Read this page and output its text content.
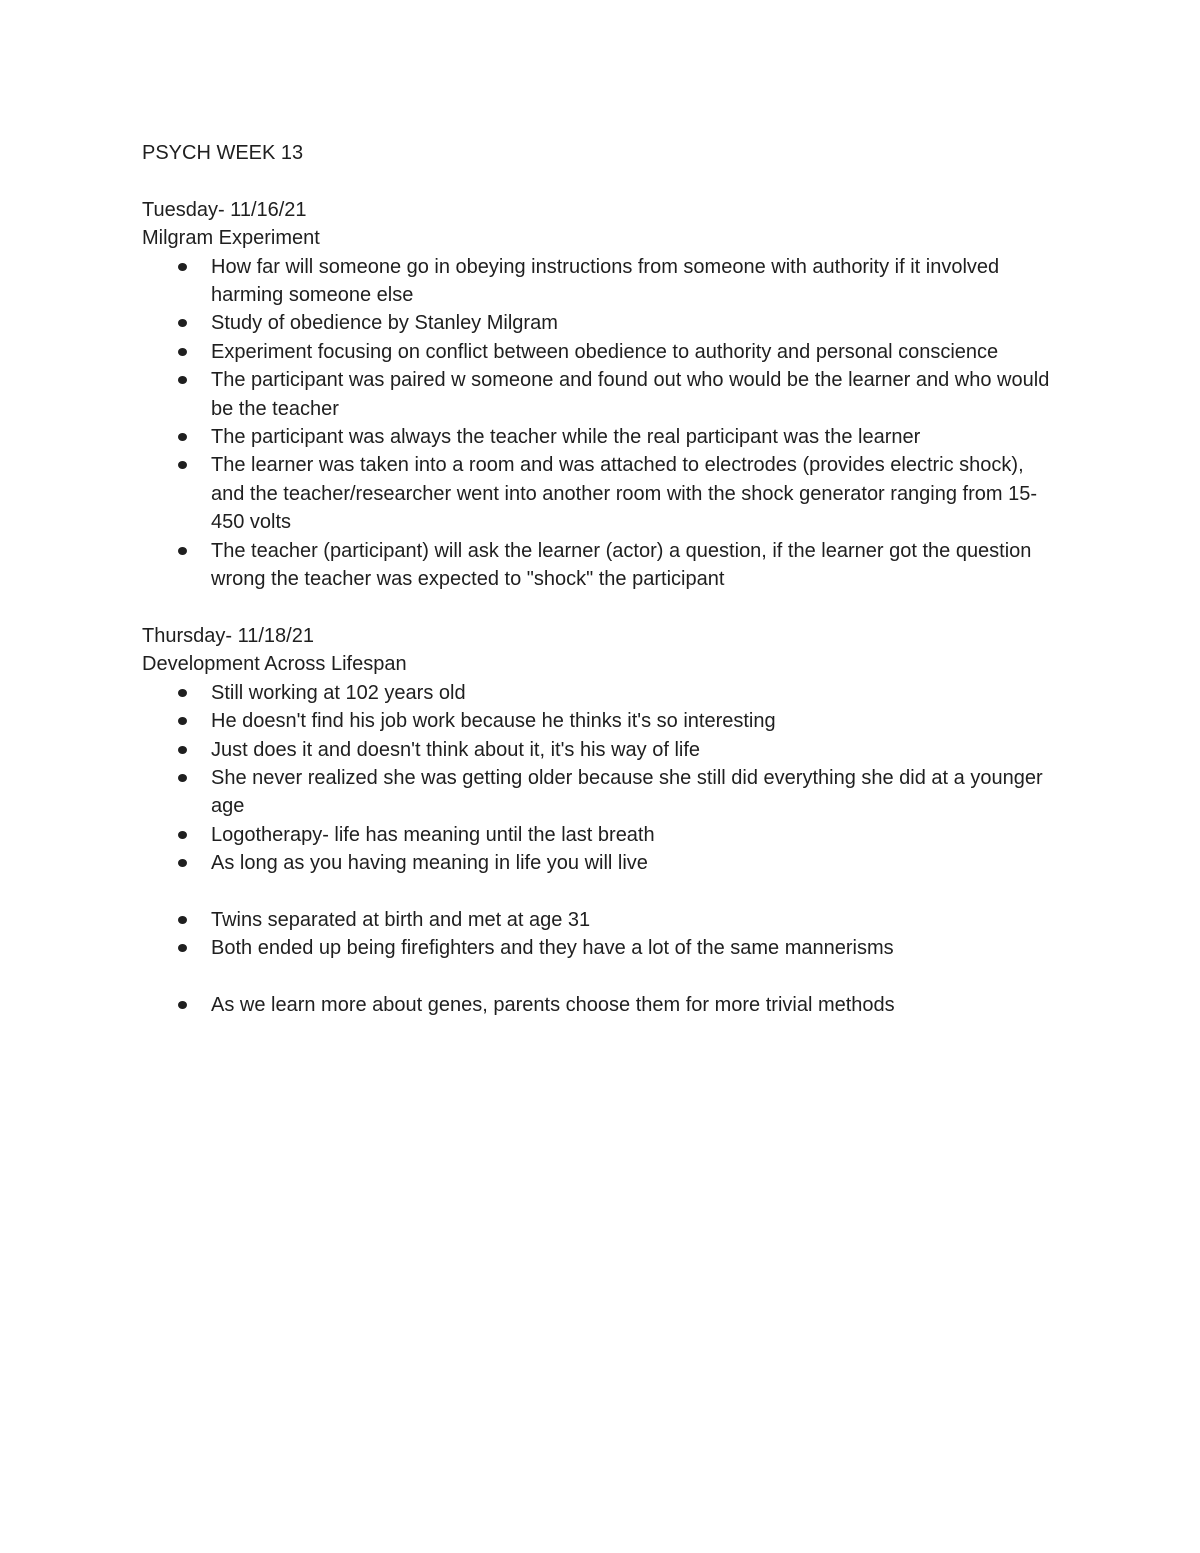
PSYCH WEEK 13

Tuesday- 11/16/21

Milgram Experiment

How far will someone go in obeying instructions from someone with authority if it involved harming someone else
Study of obedience by Stanley Milgram
Experiment focusing on conflict between obedience to authority and personal conscience
The participant was paired w someone and found out who would be the learner and who would be the teacher
The participant was always the teacher while the real participant was the learner
The learner was taken into a room and was attached to electrodes (provides electric shock), and the teacher/researcher went into another room with the shock generator ranging from 15-450 volts
The teacher (participant) will ask the learner (actor) a question, if the learner got the question wrong the teacher was expected to "shock" the participant

Thursday- 11/18/21

Development Across Lifespan

Still working at 102 years old
He doesn't find his job work because he thinks it's so interesting
Just does it and doesn't think about it, it's his way of life
She never realized she was getting older because she still did everything she did at a younger age
Logotherapy- life has meaning until the last breath
As long as you having meaning in life you will live
Twins separated at birth and met at age 31
Both ended up being firefighters and they have a lot of the same mannerisms
As we learn more about genes, parents choose them for more trivial methods
